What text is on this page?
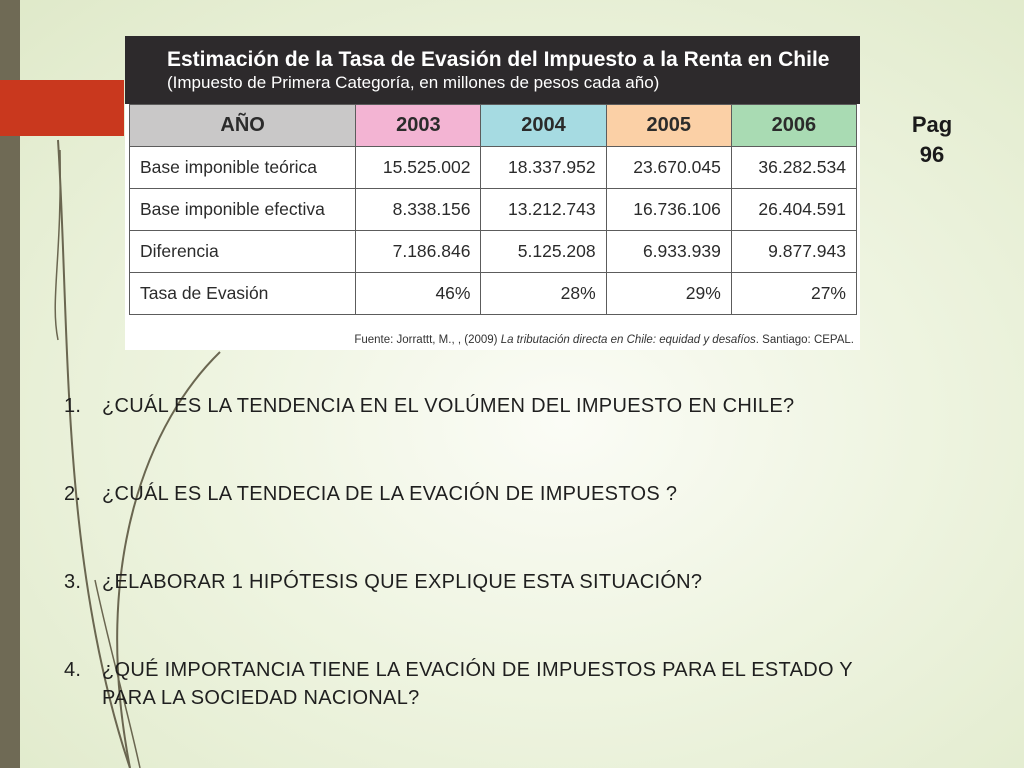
Pag
96
Estimación de la Tasa de Evasión del Impuesto a la Renta en Chile
(Impuesto de Primera Categoría, en millones de pesos cada año)
AÑO	2003	2004	2005	2006
Base imponible teórica	15.525.002	18.337.952	23.670.045	36.282.534
Base imponible efectiva	8.338.156	13.212.743	16.736.106	26.404.591
Diferencia	7.186.846	5.125.208	6.933.939	9.877.943
Tasa de Evasión	46%	28%	29%	27%
Fuente: Jorrattt, M., , (2009) La tributación directa en Chile: equidad y desafíos. Santiago: CEPAL.
1. ¿CUÁL ES LA TENDENCIA EN EL VOLÚMEN DEL IMPUESTO EN CHILE?
2. ¿CUÁL ES LA TENDECIA DE LA EVACIÓN DE IMPUESTOS ?
3. ¿ELABORAR 1 HIPÓTESIS QUE EXPLIQUE ESTA SITUACIÓN?
4. ¿QUÉ IMPORTANCIA TIENE LA EVACIÓN DE IMPUESTOS PARA EL ESTADO Y PARA LA SOCIEDAD NACIONAL?
